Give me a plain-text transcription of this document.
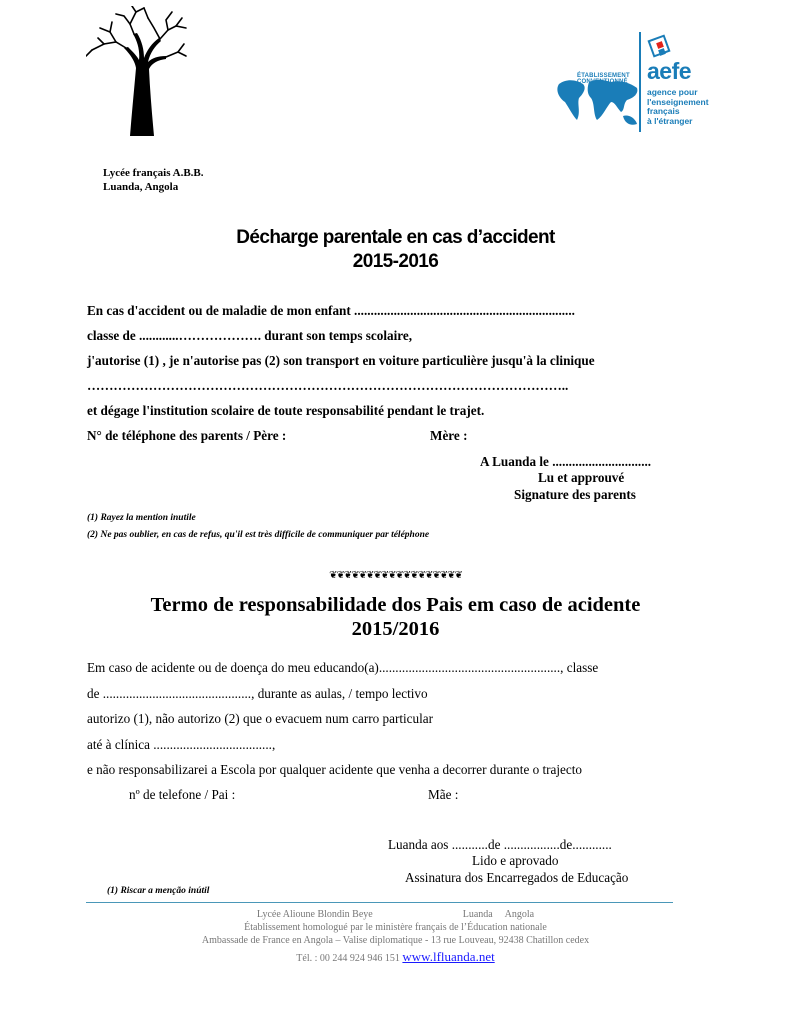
ÉTABLISSEMENT
CONVENTIONNÉ aefe
agence pour
l'enseignement
français
à l'étranger
Lycée français A.B.B.
Luanda, Angola
Décharge parentale en cas d’accident
2015-2016
En cas d'accident ou de maladie de mon enfant ...................................................................
classe de ............………………. durant son temps scolaire,
j'autorise (1) , je n'autorise pas (2) son transport en voiture particulière jusqu'à la clinique
………………………………………………………………………………………………..
et dégage l'institution scolaire de toute responsabilité pendant le trajet.
N° de téléphone des parents / Père :	Mère :
A Luanda le ..............................
Lu et approuvé
Signature des parents
(1) Rayez la mention inutile
(2) Ne pas oublier, en cas de refus, qu'il est très difficile de communiquer par téléphone
❦❦❦❦❦❦❦❦❦❦❦❦❦❦❦❦❦❦
Termo de responsabilidade dos Pais em caso de acidente
2015/2016
Em caso de acidente ou de doença do meu educando(a)......................................................., classe
de ............................................., durante as aulas, / tempo lectivo
autorizo (1), não autorizo (2) que o evacuem num carro particular
até à clínica ....................................,
e não responsabilizarei a Escola por qualquer acidente que venha a decorrer durante o trajecto
nº de telefone / Pai :	Mãe :
Luanda aos ...........de .................de............
Lido e aprovado
Assinatura dos Encarregados de Educação
(1) Riscar a menção inútil
Lycée Alioune Blondin Beye                                    Luanda     Angola
Établissement homologué par le ministère français de l’Éducation nationale
Ambassade de France en Angola – Valise diplomatique - 13 rue Louveau, 92438 Chatillon cedex
Tél. : 00 244 924 946 151 www.lfluanda.net
